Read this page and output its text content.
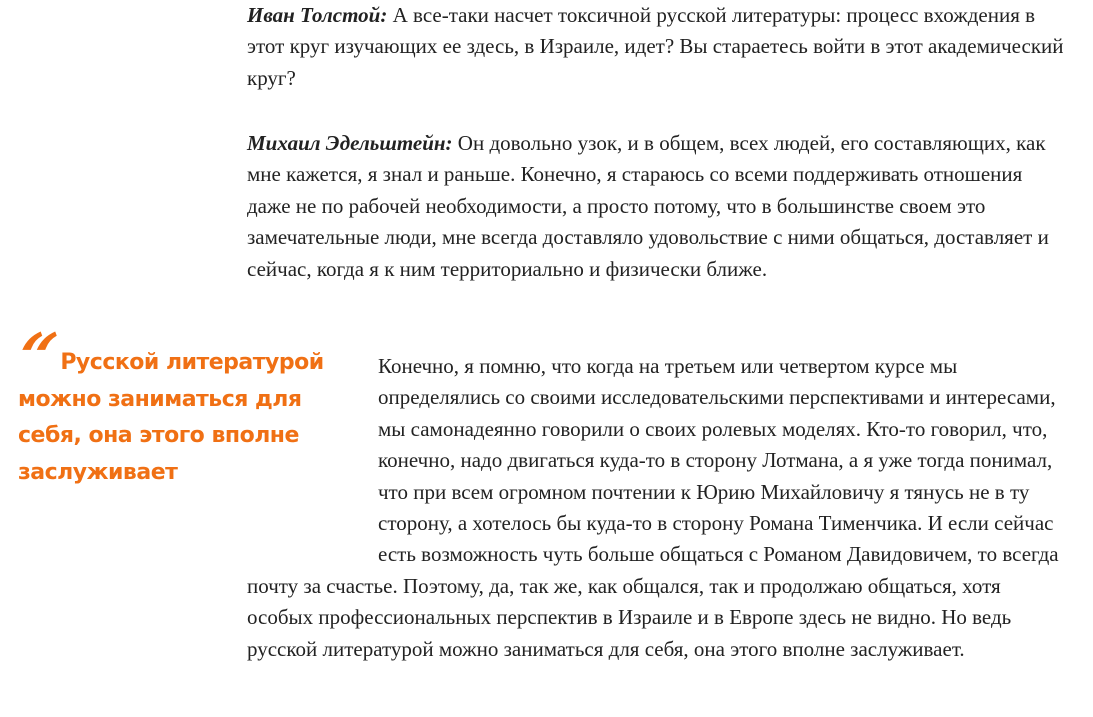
Иван Толстой: А все-таки насчет токсичной русской литературы: процесс вхождения в этот круг изучающих ее здесь, в Израиле, идет? Вы стараетесь войти в этот академический круг?

Михаил Эдельштейн: Он довольно узок, и в общем, всех людей, его составляющих, как мне кажется, я знал и раньше. Конечно, я стараюсь со всеми поддерживать отношения даже не по рабочей необходимости, а просто потому, что в большинстве своем это замечательные люди, мне всегда доставляло удовольствие с ними общаться, доставляет и сейчас, когда я к ним территориально и физически ближе.

Конечно, я помню, что когда на третьем или четвертом курсе мы определялись со своими исследовательскими перспективами и интересами, мы самонадеянно говорили о своих ролевых моделях. Кто-то говорил, что, конечно, надо двигаться куда-то в сторону Лотмана, а я уже тогда понимал, что при всем огромном почтении к Юрию Михайловичу я тянусь не в ту сторону, а хотелось бы куда-то в сторону Романа Тименчика. И если сейчас есть возможность чуть больше общаться с Романом Давидовичем, то всегда почту за счастье. Поэтому, да, так же, как общался, так и продолжаю общаться, хотя особых профессиональных перспектив в Израиле и в Европе здесь не видно. Но ведь русской литературой можно заниматься для себя, она этого вполне заслуживает.

“Русской литературой можно заниматься для себя, она этого вполне заслуживает
